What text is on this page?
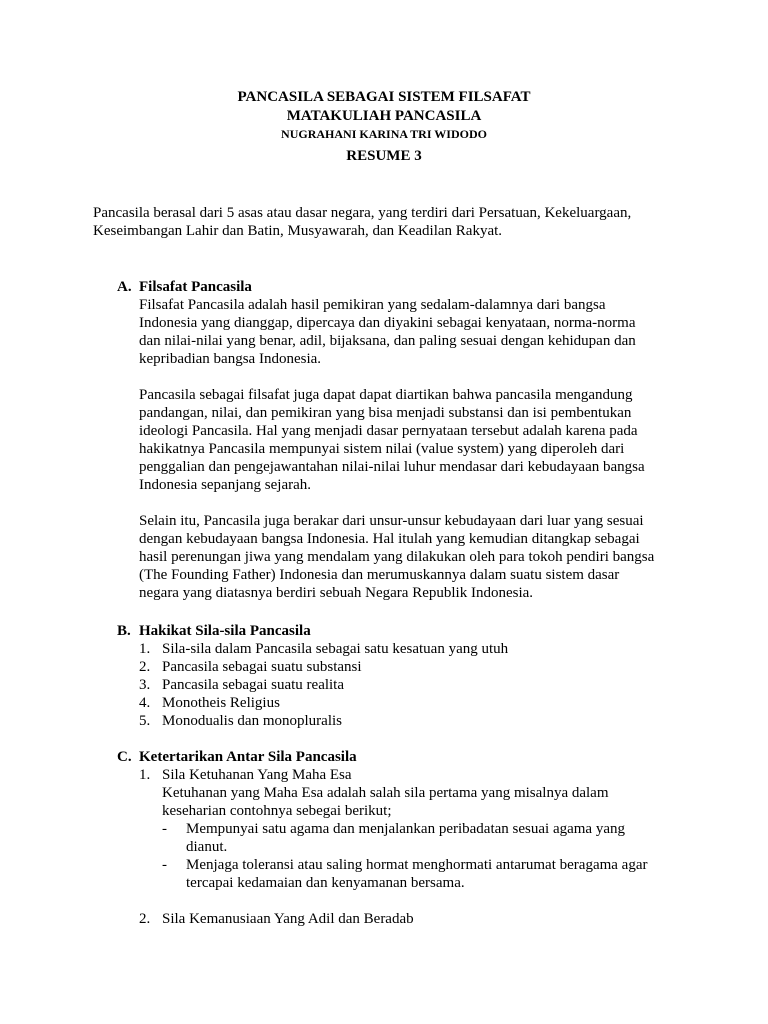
PANCASILA SEBAGAI SISTEM FILSAFAT
MATAKULIAH PANCASILA
NUGRAHANI KARINA TRI WIDODO
RESUME 3
Pancasila berasal dari 5 asas atau dasar negara, yang terdiri dari Persatuan, Kekeluargaan,
Keseimbangan Lahir dan Batin, Musyawarah, dan Keadilan Rakyat.
A. Filsafat Pancasila
Filsafat Pancasila adalah hasil pemikiran yang sedalam-dalamnya dari bangsa
Indonesia yang dianggap, dipercaya dan diyakini sebagai kenyataan, norma-norma
dan nilai-nilai yang benar, adil, bijaksana, dan paling sesuai dengan kehidupan dan
kepribadian bangsa Indonesia.
Pancasila sebagai filsafat juga dapat dapat diartikan bahwa pancasila mengandung
pandangan, nilai, dan pemikiran yang bisa menjadi substansi dan isi pembentukan
ideologi Pancasila. Hal yang menjadi dasar pernyataan tersebut adalah karena pada
hakikatnya Pancasila mempunyai sistem nilai (value system) yang diperoleh dari
penggalian dan pengejawantahan nilai-nilai luhur mendasar dari kebudayaan bangsa
Indonesia sepanjang sejarah.
Selain itu, Pancasila juga berakar dari unsur-unsur kebudayaan dari luar yang sesuai
dengan kebudayaan bangsa Indonesia. Hal itulah yang kemudian ditangkap sebagai
hasil perenungan jiwa yang mendalam yang dilakukan oleh para tokoh pendiri bangsa
(The Founding Father) Indonesia dan merumuskannya dalam suatu sistem dasar
negara yang diatasnya berdiri sebuah Negara Republik Indonesia.
B. Hakikat Sila-sila Pancasila
1. Sila-sila dalam Pancasila sebagai satu kesatuan yang utuh
2. Pancasila sebagai suatu substansi
3. Pancasila sebagai suatu realita
4. Monotheis Religius
5. Monodualis dan monopluralis
C. Ketertarikan Antar Sila Pancasila
1. Sila Ketuhanan Yang Maha Esa
Ketuhanan yang Maha Esa adalah salah sila pertama yang misalnya dalam
keseharian contohnya sebegai berikut;
-	Mempunyai satu agama dan menjalankan peribadatan sesuai agama yang
dianut.
-	Menjaga toleransi atau saling hormat menghormati antarumat beragama agar
tercapai kedamaian dan kenyamanan bersama.
2. Sila Kemanusiaan Yang Adil dan Beradab
